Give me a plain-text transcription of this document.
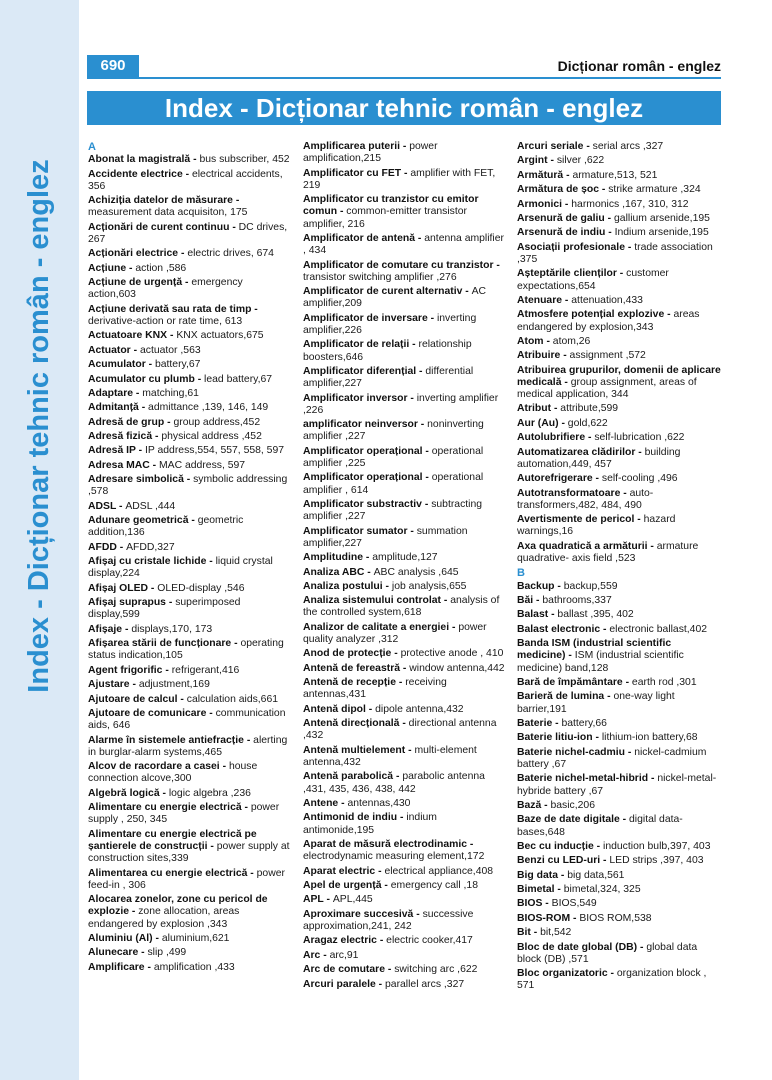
Index - Dicționar tehnic român - englez
690	Dicționar român - englez
Index - Dicționar tehnic român - englez
A
Abonat la magistrală - bus subscriber, 452
Accidente electrice - electrical accidents, 356
Achiziția datelor de măsurare - measurement data acquisiton, 175
Acționări de curent continuu - DC drives, 267
Acționări electrice - electric drives, 674
Acțiune - action ,586
Acțiune de urgență - emergency action,603
Acțiune derivată sau rata de timp - derivative-action or rate time, 613
Actuatoare KNX - KNX actuators,675
Actuator - actuator ,563
Acumulator - battery,67
Acumulator cu plumb - lead battery,67
Adaptare - matching,61
Admitanță - admittance ,139, 146, 149
Adresă de grup - group address,452
Adresă fizică - physical address ,452
Adresă IP - IP address,554, 557, 558, 597
Adresa MAC - MAC address, 597
Adresare simbolică - symbolic addressing ,578
ADSL - ADSL ,444
Adunare geometrică - geometric addition,136
AFDD - AFDD,327
Afișaj cu cristale lichide - liquid crystal display,224
Afișaj OLED - OLED-display ,546
Afișaj suprapus - superimposed display,599
Afișaje - displays,170, 173
Afișarea stării de funcționare - operating status indication,105
Agent frigorific - refrigerant,416
Ajustare - adjustment,169
Ajutoare de calcul - calculation aids,661
Ajutoare de comunicare - communication aids, 646
Alarme în sistemele antiefracție - alerting in burglar-alarm systems,465
Alcov de racordare a casei - house connection alcove,300
Algebră logică - logic algebra ,236
Alimentare cu energie electrică - power supply , 250, 345
Alimentare cu energie electrică pe șantierele de construcții - power supply at construction sites,339
Alimentarea cu energie electrică - power feed-in , 306
Alocarea zonelor, zone cu pericol de explozie - zone allocation, areas endangered by explosion ,343
Aluminiu (Al) - aluminium,621
Alunecare - slip ,499
Amplificare - amplification ,433
Amplificarea puterii - power amplification,215
Amplificator cu FET - amplifier with FET, 219
Amplificator cu tranzistor cu emitor comun - common-emitter transistor amplifier, 216
Amplificator de antenă - antenna amplifier , 434
Amplificator de comutare cu tranzistor - transistor switching amplifier ,276
Amplificator de curent alternativ - AC amplifier,209
Amplificator de inversare - inverting amplifier,226
Amplificator de relații - relationship boosters,646
Amplificator diferențial - differential amplifier,227
Amplificator inversor - inverting amplifier ,226
amplificator neinversor - noninverting amplifier ,227
Amplificator operațional - operational amplifier ,225
Amplificator operațional - operational amplifier , 614
Amplificator substractiv - subtracting amplifier ,227
Amplificator sumator - summation amplifier,227
Amplitudine - amplitude,127
Analiza ABC - ABC analysis ,645
Analiza postului - job analysis,655
Analiza sistemului controlat - analysis of the controlled system,618
Analizor de calitate a energiei - power quality analyzer ,312
Anod de protecție - protective anode , 410
Antenă de fereastră - window antenna,442
Antenă de recepție - receiving antennas,431
Antenă dipol - dipole antenna,432
Antenă direcțională - directional antenna ,432
Antenă multielement - multi-element antenna,432
Antenă parabolică - parabolic antenna ,431, 435, 436, 438, 442
Antene - antennas,430
Antimonid de indiu - indium antimonide,195
Aparat de măsură electrodinamic - electrodynamic measuring element,172
Aparat electric - electrical appliance,408
Apel de urgență - emergency call ,18
APL - APL,445
Aproximare succesivă - successive approximation,241, 242
Aragaz electric - electric cooker,417
Arc - arc,91
Arc de comutare - switching arc ,622
Arcuri paralele - parallel arcs ,327
Arcuri seriale - serial arcs ,327
Argint - silver ,622
Armătură - armature,513, 521
Armătura de șoc - strike armature ,324
Armonici - harmonics ,167, 310, 312
Arsenură de galiu - gallium arsenide,195
Arsenură de indiu - Indium arsenide,195
Asociații profesionale - trade association ,375
Așteptările clienților - customer expectations,654
Atenuare - attenuation,433
Atmosfere potențial explozive - areas endangered by explosion,343
Atom - atom,26
Atribuire - assignment ,572
Atribuirea grupurilor, domenii de aplicare medicală - group assignment, areas of medical application, 344
Atribut - attribute,599
Aur (Au) - gold,622
Autolubrifiere - self-lubrication ,622
Automatizarea clădirilor - building automation,449, 457
Autorefrigerare - self-cooling ,496
Autotransformatoare - auto-transformers,482, 484, 490
Avertismente de pericol - hazard warnings,16
Axa quadratică a armăturii - armature quadrative- axis field ,523
B
Backup - backup,559
Băi - bathrooms,337
Balast - ballast ,395, 402
Balast electronic - electronic ballast,402
Banda ISM (industrial scientific medicine) - ISM (industrial scientific medicine) band,128
Bară de împământare - earth rod ,301
Barieră de lumina - one-way light barrier,191
Baterie - battery,66
Baterie litiu-ion - lithium-ion battery,68
Baterie nichel-cadmiu - nickel-cadmium battery ,67
Baterie nichel-metal-hibrid - nickel-metal-hybride battery ,67
Bază - basic,206
Baze de date digitale - digital data-bases,648
Bec cu inducție - induction bulb,397, 403
Benzi cu LED-uri - LED strips ,397, 403
Big data - big data,561
Bimetal - bimetal,324, 325
BIOS - BIOS,549
BIOS-ROM - BIOS ROM,538
Bit - bit,542
Bloc de date global (DB) - global data block (DB) ,571
Bloc organizatoric - organization block , 571
